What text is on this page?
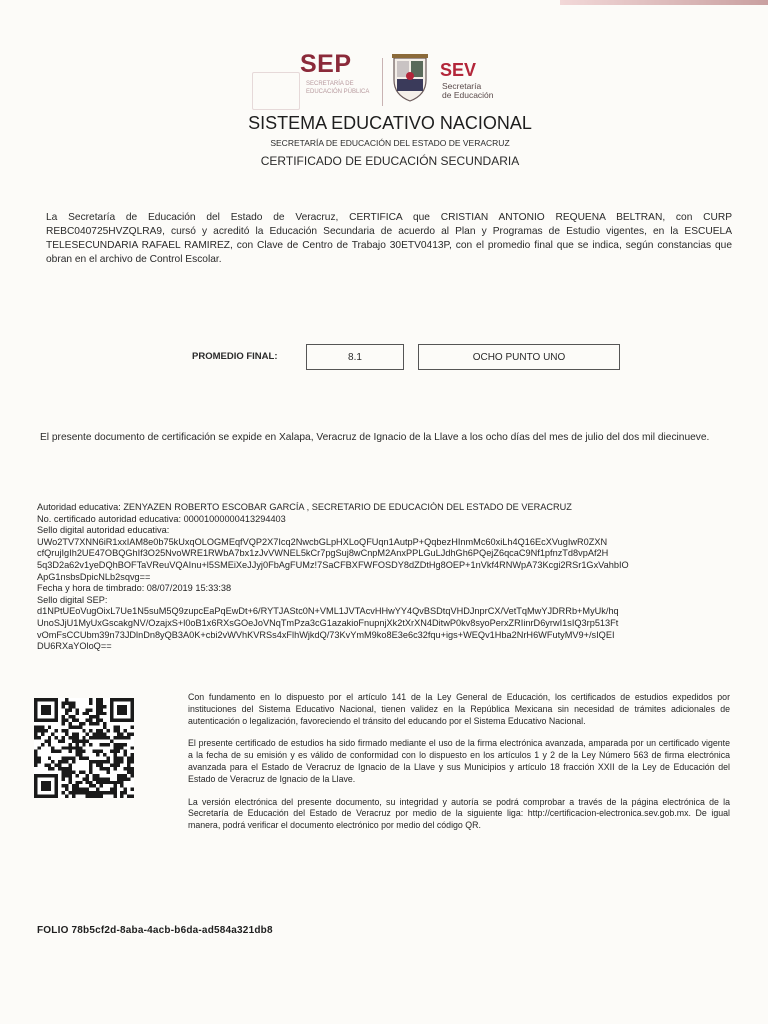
SEP
SECRETARÍA DE EDUCACIÓN PÚBLICA
SEV
Secretaría
de Educación
SISTEMA EDUCATIVO NACIONAL
SECRETARÍA DE EDUCACIÓN DEL ESTADO DE VERACRUZ
CERTIFICADO DE EDUCACIÓN SECUNDARIA
La Secretaría de Educación del Estado de Veracruz, CERTIFICA que CRISTIAN ANTONIO REQUENA BELTRAN, con CURP REBC040725HVZQLRA9, cursó y acreditó la Educación Secundaria de acuerdo al Plan y Programas de Estudio vigentes, en la ESCUELA TELESECUNDARIA RAFAEL RAMIREZ, con Clave de Centro de Trabajo 30ETV0413P, con el promedio final que se indica, según constancias que obran en el archivo de Control Escolar.
PROMEDIO FINAL:	8.1	OCHO PUNTO UNO
El presente documento de certificación se expide en Xalapa, Veracruz de Ignacio de la Llave a los ocho días del mes de julio del dos mil diecinueve.
Autoridad educativa: ZENYAZEN ROBERTO ESCOBAR GARCÍA , SECRETARIO DE EDUCACIÓN DEL ESTADO DE VERACRUZ
No. certificado autoridad educativa: 00001000000413294403
Sello digital autoridad educativa:
UWo2TV7XNN6iR1xxIAM8e0b75kUxqOLOGMEqfVQP2X7Icq2NwcbGLpHXLoQFUqn1AutpP+QqbezHInmMc60xiLh4Q16EcXVugIwR0ZXN
cfQrujIgIh2UE47OBQGhIf3O25NvoWRE1RWbA7bx1zJvVWNEL5kCr7pgSuj8wCnpM2AnxPPLGuLJdhGh6PQejZ6qcaC9Nf1pfnzTd8vpAf2H
5q3D2a62v1yeDQhBOFTaVReuVQAInu+l5SMEiXeJJyj0FbAgFUMz!7SaCFBXFWFOSDY8dZDtHg8OEP+1nVkf4RNWpA73Kcgi2RSr1GxVahbIO
ApG1nsbsDpicNLb2sqvg==
Fecha y hora de timbrado: 08/07/2019 15:33:38
Sello digital SEP:
d1NPtUEoVugOixL7Ue1N5suM5Q9zupcEaPqEwDt+6/RYTJAStc0N+VML1JVTAcvHHwYY4QvBSDtqVHDJnprCX/VetTqMwYJDRRb+MyUk/hq
UnoSJjU1MyUxGscakgNV/OzajxS+l0oB1x6RXsGOeJoVNqTmPza3cG1azakioFnupnjXk2tXrXN4DitwP0kv8syoPerxZRIinrD6yrwI1sIQ3rp513Ft
vOmFsCCUbm39n73JDlnDn8yQB3A0K+cbi2vWVhKVRSs4xFlhWjkdQ/73KvYmM9ko8E3e6c32fqu+igs+WEQv1Hba2NrH6WFutyMV9+/sIQEI
DU6RXaYOloQ==

Con fundamento en lo dispuesto por el artículo 141 de la Ley General de Educación, los certificados de estudios expedidos por instituciones del Sistema Educativo Nacional, tienen validez en la República Mexicana sin necesidad de trámites adicionales de autenticación o legalización, favoreciendo el tránsito del educando por el Sistema Educativo Nacional.

El presente certificado de estudios ha sido firmado mediante el uso de la firma electrónica avanzada, amparada por un certificado vigente a la fecha de su emisión y es válido de conformidad con lo dispuesto en los artículos 1 y 2 de la Ley Número 563 de firma electrónica avanzada para el Estado de Veracruz de Ignacio de la Llave y sus Municipios y artículo 18 fracción XXII de la Ley de Educación del Estado de Veracruz de Ignacio de la Llave.

La versión electrónica del presente documento, su integridad y autoría se podrá comprobar a través de la página electrónica de la Secretaría de Educación del Estado de Veracruz por medio de la siguiente liga: http://certificacion-electronica.sev.gob.mx. De igual manera, podrá verificar el documento electrónico por medio del código QR.

FOLIO 78b5cf2d-8aba-4acb-b6da-ad584a321db8
